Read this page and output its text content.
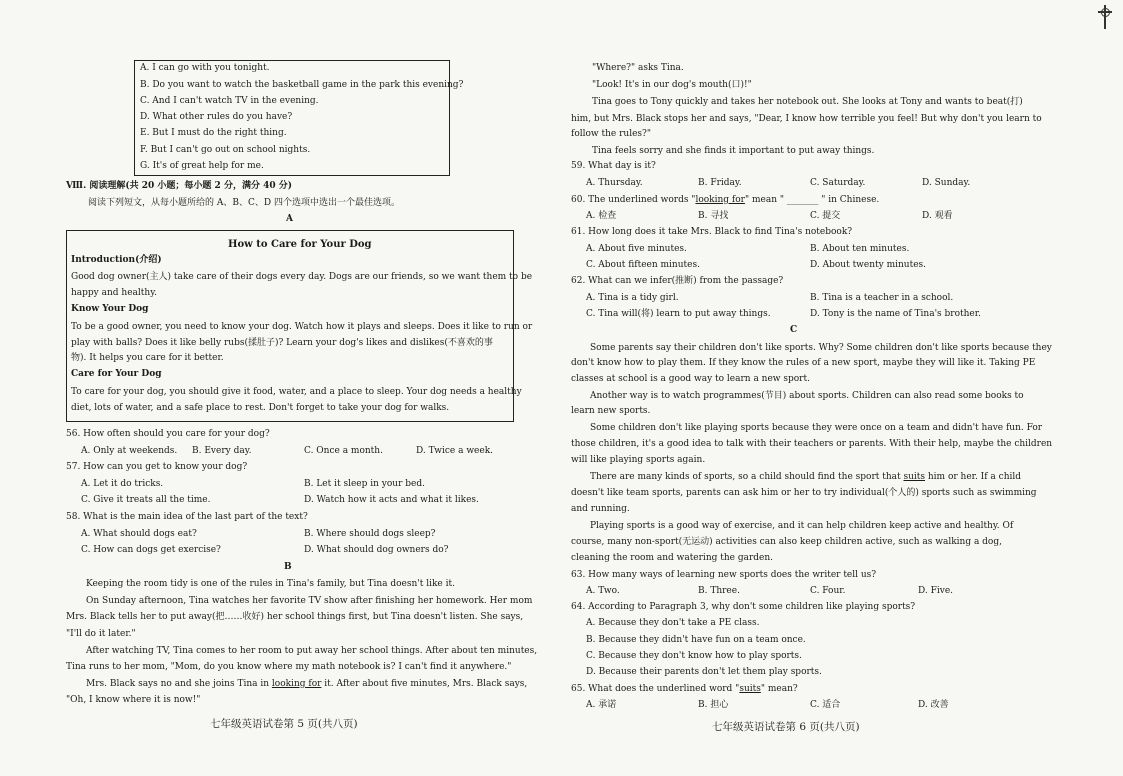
A. I can go with you tonight.
B. Do you want to watch the basketball game in the park this evening?
C. And I can't watch TV in the evening.
D. What other rules do you have?
E. But I must do the right thing.
F. But I can't go out on school nights.
G. It's of great help for me.
Ⅷ. 阅读理解(共 20 小题；每小题 2 分，满分 40 分)
阅读下列短文，从每小题所给的 A、B、C、D 四个选项中选出一个最佳选项。
A
How to Care for Your Dog
Introduction(介绍)
Good dog owner(主人) take care of their dogs every day. Dogs are our friends, so we want them to be
happy and healthy.
Know Your Dog
To be a good owner, you need to know your dog. Watch how it plays and sleeps. Does it like to run or
play with balls? Does it like belly rubs(揉肚子)? Learn your dog's likes and dislikes(不喜欢的事
物). It helps you care for it better.
Care for Your Dog
To care for your dog, you should give it food, water, and a place to sleep. Your dog needs a healthy
diet, lots of water, and a safe place to rest. Don't forget to take your dog for walks.
56. How often should you care for your dog?
A. Only at weekends. B. Every day.	C. Once a month.	D. Twice a week.
57. How can you get to know your dog?
A. Let it do tricks.	B. Let it sleep in your bed.
C. Give it treats all the time.	D. Watch how it acts and what it likes.
58. What is the main idea of the last part of the text?
A. What should dogs eat?	B. Where should dogs sleep?
C. How can dogs get exercise?	D. What should dog owners do?
B
Keeping the room tidy is one of the rules in Tina's family, but Tina doesn't like it.
On Sunday afternoon, Tina watches her favorite TV show after finishing her homework. Her mom
Mrs. Black tells her to put away(把……收好) her school things first, but Tina doesn't listen. She says,
"I'll do it later."
After watching TV, Tina comes to her room to put away her school things. After about ten minutes,
Tina runs to her mom, "Mom, do you know where my math notebook is? I can't find it anywhere."
Mrs. Black says no and she joins Tina in looking for it. After about five minutes, Mrs. Black says,
"Oh, I know where it is now!"
七年级英语试卷第 5 页(共八页)
"Where?" asks Tina.
"Look! It's in our dog's mouth(口)!"
Tina goes to Tony quickly and takes her notebook out. She looks at Tony and wants to beat(打)
him, but Mrs. Black stops her and says, "Dear, I know how terrible you feel! But why don't you learn to
follow the rules?"
Tina feels sorry and she finds it important to put away things.
59. What day is it?
A. Thursday.	B. Friday.	C. Saturday.	D. Sunday.
60. The underlined words "looking for" mean " _______ " in Chinese.
A. 检查	B. 寻找	C. 提交	D. 观看
61. How long does it take Mrs. Black to find Tina's notebook?
A. About five minutes.	B. About ten minutes.
C. About fifteen minutes.	D. About twenty minutes.
62. What can we infer(推断) from the passage?
A. Tina is a tidy girl.	B. Tina is a teacher in a school.
C. Tina will(将) learn to put away things.	D. Tony is the name of Tina's brother.
C
Some parents say their children don't like sports. Why? Some children don't like sports because they
don't know how to play them. If they know the rules of a new sport, maybe they will like it. Taking PE
classes at school is a good way to learn a new sport.
Another way is to watch programmes(节目) about sports. Children can also read some books to
learn new sports.
Some children don't like playing sports because they were once on a team and didn't have fun. For
those children, it's a good idea to talk with their teachers or parents. With their help, maybe the children
will like playing sports again.
There are many kinds of sports, so a child should find the sport that suits him or her. If a child
doesn't like team sports, parents can ask him or her to try individual(个人的) sports such as swimming
and running.
Playing sports is a good way of exercise, and it can help children keep active and healthy. Of
course, many non-sport(无运动) activities can also keep children active, such as walking a dog,
cleaning the room and watering the garden.
63. How many ways of learning new sports does the writer tell us?
A. Two.	B. Three.	C. Four.	D. Five.
64. According to Paragraph 3, why don't some children like playing sports?
A. Because they don't take a PE class.
B. Because they didn't have fun on a team once.
C. Because they don't know how to play sports.
D. Because their parents don't let them play sports.
65. What does the underlined word "suits" mean?
A. 承诺	B. 担心	C. 适合	D. 改善
七年级英语试卷第 6 页(共八页)
